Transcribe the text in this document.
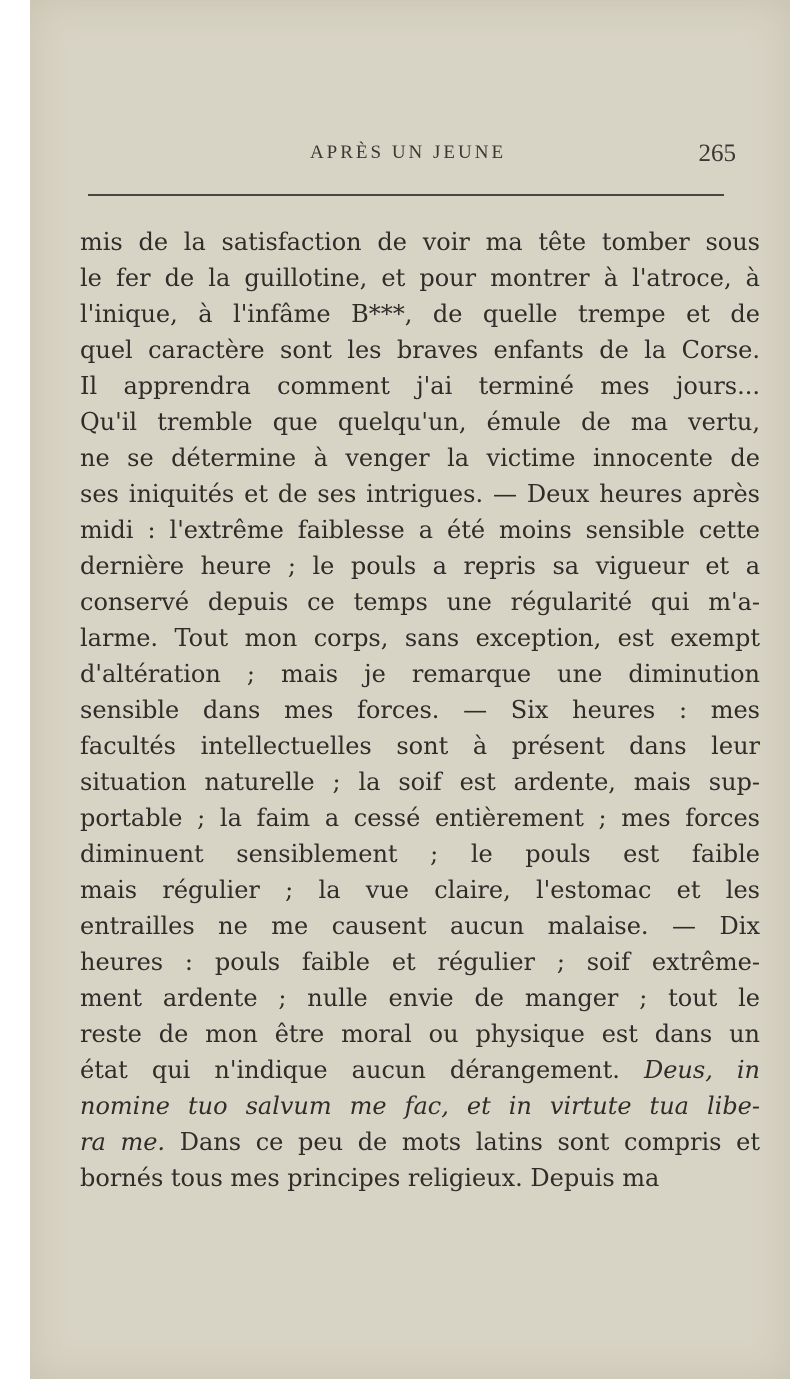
APRÈS UN JEUNE	265
mis de la satisfaction de voir ma tête tomber sous
le fer de la guillotine, et pour montrer à l'atroce, à
l'inique, à l'infâme B***, de quelle trempe et de
quel caractère sont les braves enfants de la Corse.
Il apprendra comment j'ai terminé mes jours...
Qu'il tremble que quelqu'un, émule de ma vertu,
ne se détermine à venger la victime innocente de
ses iniquités et de ses intrigues. — Deux heures après
midi : l'extrême faiblesse a été moins sensible cette
dernière heure ; le pouls a repris sa vigueur et a
conservé depuis ce temps une régularité qui m'a-
larme. Tout mon corps, sans exception, est exempt
d'altération ; mais je remarque une diminution
sensible dans mes forces. — Six heures : mes
facultés intellectuelles sont à présent dans leur
situation naturelle ; la soif est ardente, mais sup-
portable ; la faim a cessé entièrement ; mes forces
diminuent sensiblement ; le pouls est faible
mais régulier ; la vue claire, l'estomac et les
entrailles ne me causent aucun malaise. — Dix
heures : pouls faible et régulier ; soif extrême-
ment ardente ; nulle envie de manger ; tout le
reste de mon être moral ou physique est dans un
état qui n'indique aucun dérangement. Deus, in
nomine tuo salvum me fac, et in virtute tua libe-
ra me. Dans ce peu de mots latins sont compris et
bornés tous mes principes religieux. Depuis ma
